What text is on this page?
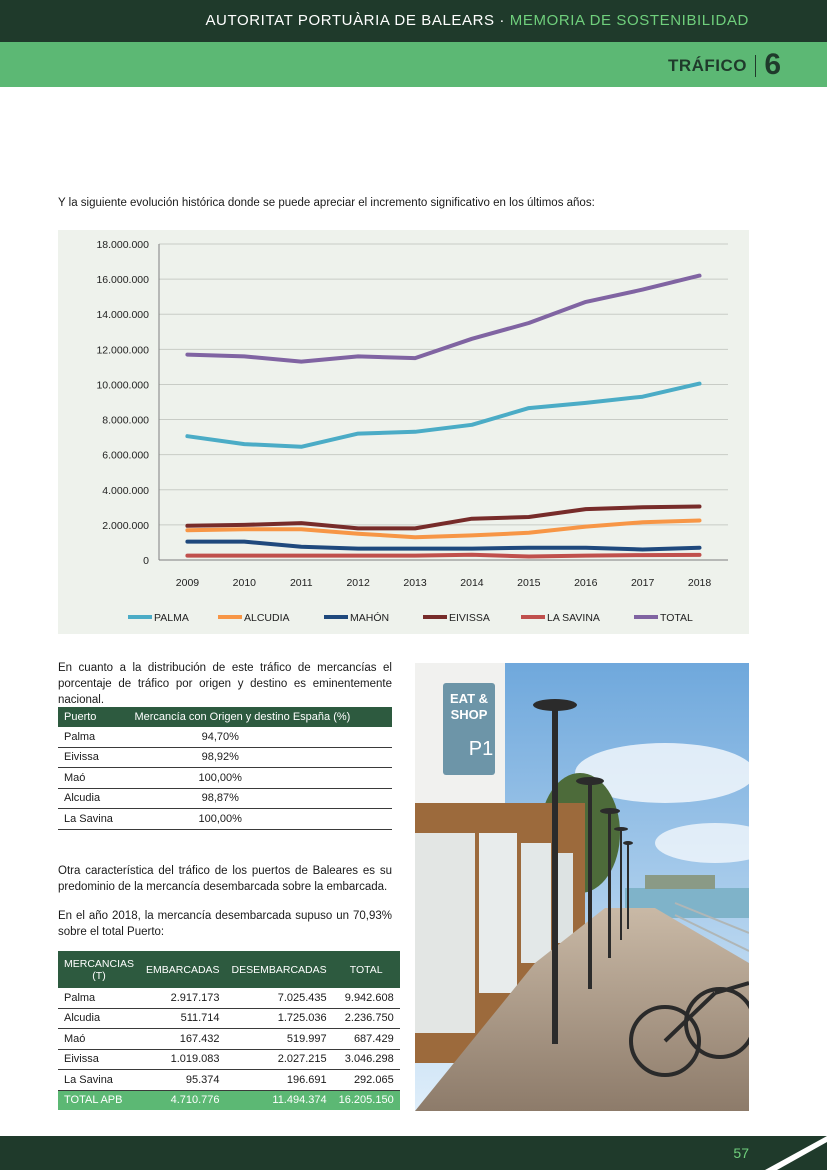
AUTORITAT PORTUÀRIA DE BALEARS · MEMORIA DE SOSTENIBILIDAD
TRÁFICO 6
Y la siguiente evolución histórica donde se puede apreciar el incremento significativo en los últimos años:
18.000.000
16.000.000
14.000.000
12.000.000
10.000.000
8.000.000
6.000.000
4.000.000
2.000.000
0
2009	2010	2011	2012	2013	2014	2015	2016	2017	2018
PALMA	ALCUDIA	MAHÓN	EIVISSA	LA SAVINA	TOTAL
En cuanto a la distribución de este tráfico de mercancías el porcentaje de tráfico por origen y destino es eminentemente nacional.
Puerto	Mercancía con Origen y destino España (%)
Palma	94,70%
Eivissa	98,92%
Maó	100,00%
Alcudia	98,87%
La Savina	100,00%
Otra característica del tráfico de los puertos de Baleares es su predominio de la mercancía desembarcada sobre la embarcada.
En el año 2018, la mercancía desembarcada supuso un 70,93% sobre el total Puerto:
MERCANCIAS (T)	EMBARCADAS	DESEMBARCADAS	TOTAL
Palma	2.917.173	7.025.435	9.942.608
Alcudia	511.714	1.725.036	2.236.750
Maó	167.432	519.997	687.429
Eivissa	1.019.083	2.027.215	3.046.298
La Savina	95.374	196.691	292.065
TOTAL APB	4.710.776	11.494.374	16.205.150
EAT &
SHOP
P1
57
